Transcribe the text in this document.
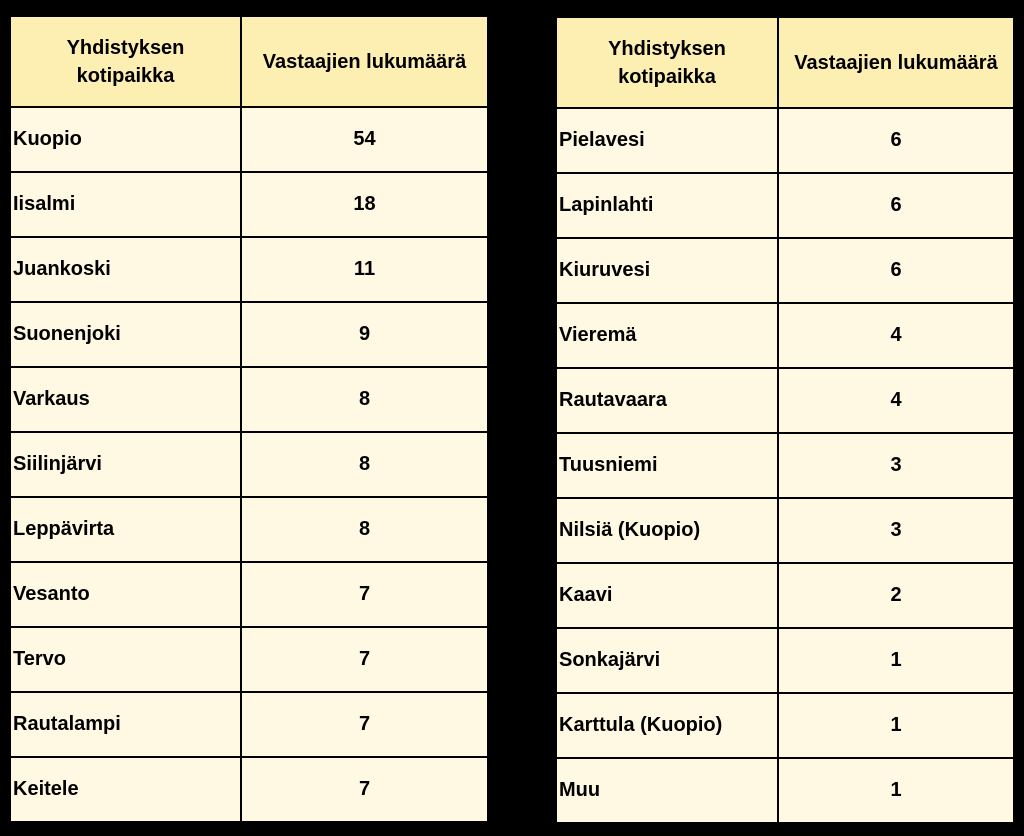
Yhdistyksen
kotipaikka	Vastaajien lukumäärä
Kuopio	54
Iisalmi	18
Juankoski	11
Suonenjoki	9
Varkaus	8
Siilinjärvi	8
Leppävirta	8
Vesanto	7
Tervo	7
Rautalampi	7
Keitele	7
Yhdistyksen
kotipaikka	Vastaajien lukumäärä
Pielavesi	6
Lapinlahti	6
Kiuruvesi	6
Vieremä	4
Rautavaara	4
Tuusniemi	3
Nilsiä (Kuopio)	3
Kaavi	2
Sonkajärvi	1
Karttula (Kuopio)	1
Muu	1
